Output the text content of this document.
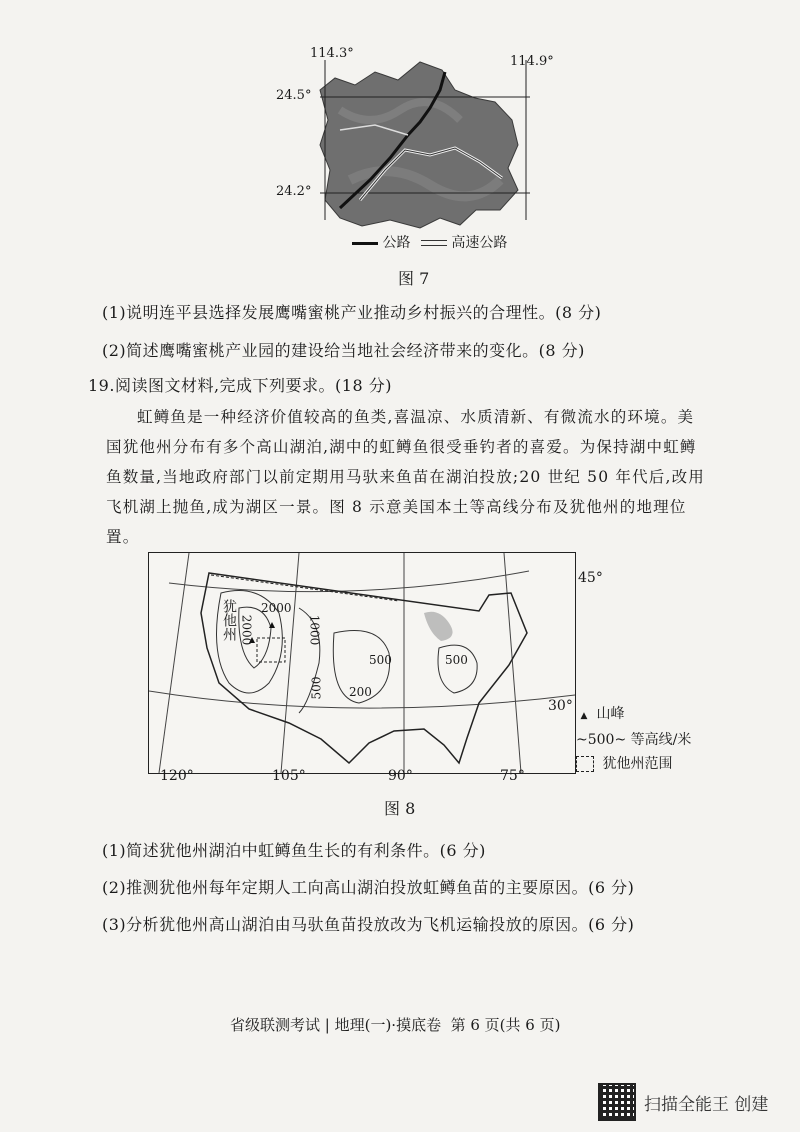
114.3°
114.9°
24.5°
24.2°
公路	高速公路
图 7
(1)说明连平县选择发展鹰嘴蜜桃产业推动乡村振兴的合理性。(8 分)
(2)简述鹰嘴蜜桃产业园的建设给当地社会经济带来的变化。(8 分)
19.阅读图文材料,完成下列要求。(18 分)
虹鳟鱼是一种经济价值较高的鱼类,喜温凉、水质清新、有微流水的环境。美国犹他州分布有多个高山湖泊,湖中的虹鳟鱼很受垂钓者的喜爱。为保持湖中虹鳟鱼数量,当地政府部门以前定期用马驮来鱼苗在湖泊投放;20 世纪 50 年代后,改用飞机湖上抛鱼,成为湖区一景。图 8 示意美国本土等高线分布及犹他州的地理位置。
犹他州 2000
2000	1000
500
500
200
500
45°
30°
120°	105°	90°	75°
▲ 山峰
~500~ 等高线/米
犹他州范围
图 8
(1)简述犹他州湖泊中虹鳟鱼生长的有利条件。(6 分)
(2)推测犹他州每年定期人工向高山湖泊投放虹鳟鱼苗的主要原因。(6 分)
(3)分析犹他州高山湖泊由马驮鱼苗投放改为飞机运输投放的原因。(6 分)
省级联测考试 | 地理(一)·摸底卷  第 6 页(共 6 页)
扫描全能王 创建
